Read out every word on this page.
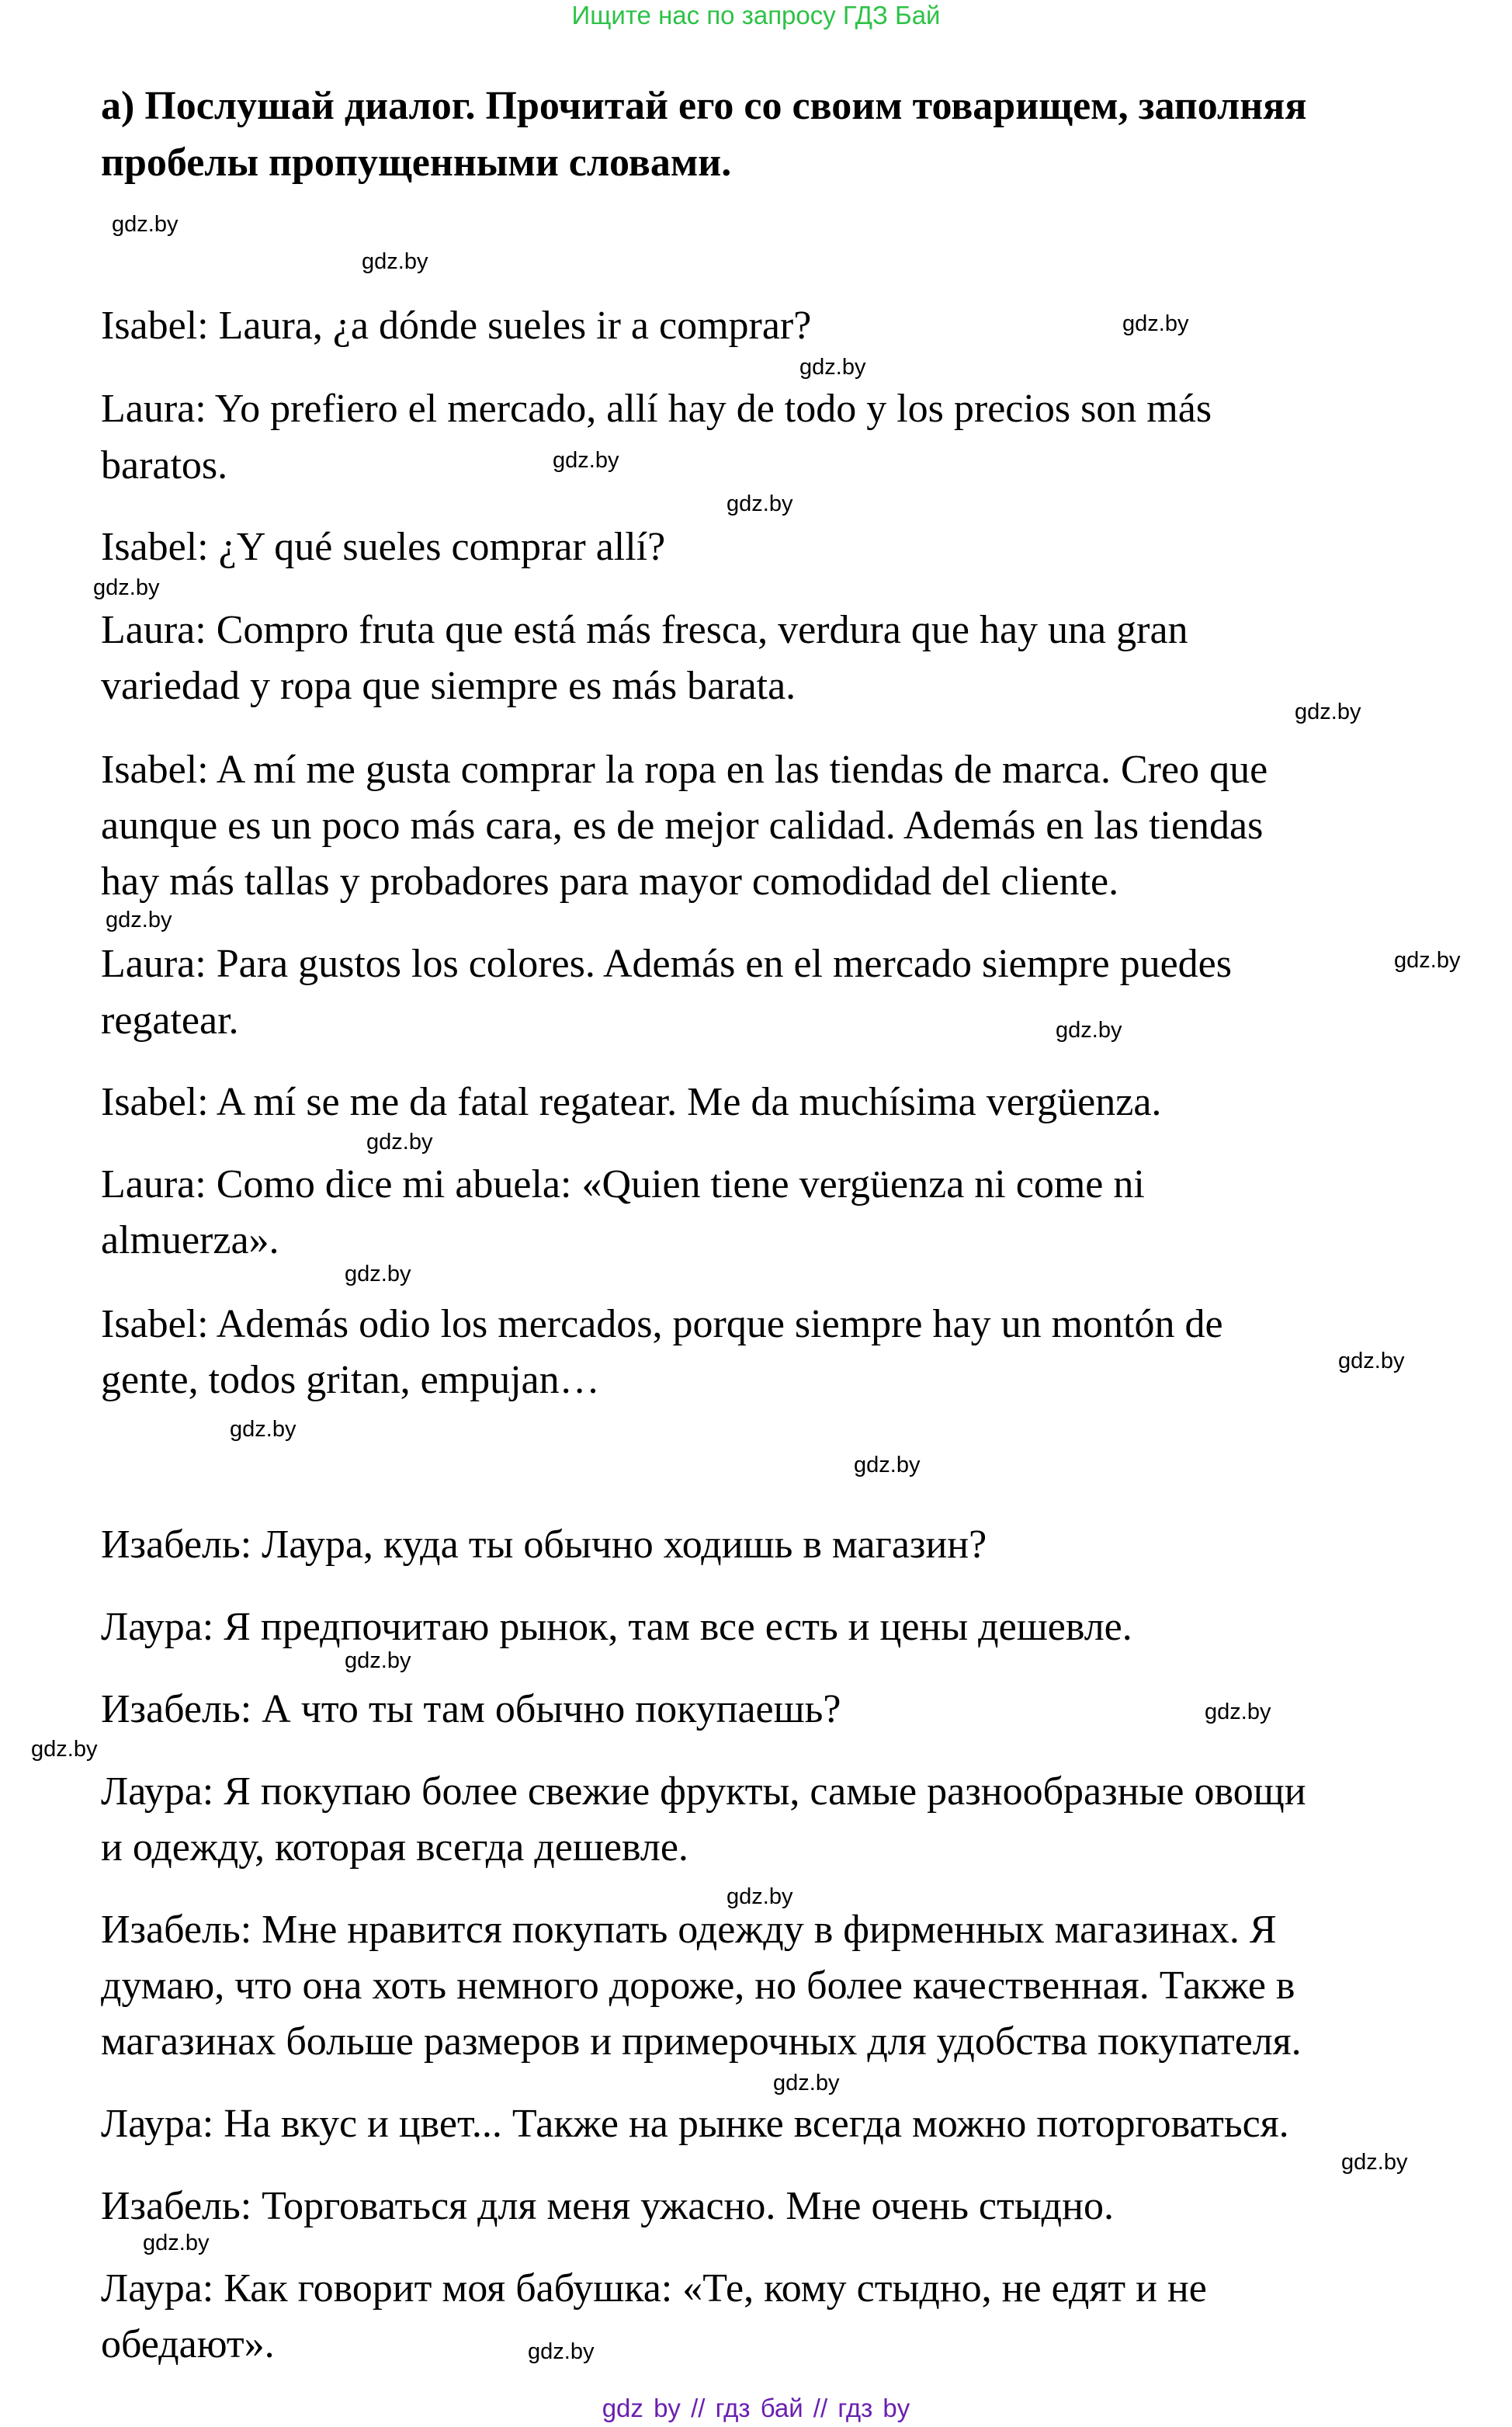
Ищите нас по запросу ГДЗ Бай
а) Послушай диалог. Прочитай его со своим товарищем, заполняя
пробелы пропущенными словами.
Isabel: Laura, ¿a dónde sueles ir a comprar?
Laura: Yo prefiero el mercado, allí hay de todo y los precios son más
baratos.
Isabel: ¿Y qué sueles comprar allí?
Laura: Compro fruta que está más fresca, verdura que hay una gran
variedad y ropa que siempre es más barata.
Isabel: A mí me gusta comprar la ropa en las tiendas de marca. Creo que
aunque es un poco más cara, es de mejor calidad. Además en las tiendas
hay más tallas y probadores para mayor comodidad del cliente.
Laura: Para gustos los colores. Además en el mercado siempre puedes
regatear.
Isabel: A mí se me da fatal regatear. Me da muchísima vergüenza.
Laura: Como dice mi abuela: «Quien tiene vergüenza ni come ni
almuerza».
Isabel: Además odio los mercados, porque siempre hay un montón de
gente, todos gritan, empujan…
Изабель: Лаура, куда ты обычно ходишь в магазин?
Лаура: Я предпочитаю рынок, там все есть и цены дешевле.
Изабель: А что ты там обычно покупаешь?
Лаура: Я покупаю более свежие фрукты, самые разнообразные овощи
и одежду, которая всегда дешевле.
Изабель: Мне нравится покупать одежду в фирменных магазинах. Я
думаю, что она хоть немного дороже, но более качественная. Также в
магазинах больше размеров и примерочных для удобства покупателя.
Лаура: На вкус и цвет... Также на рынке всегда можно поторговаться.
Изабель: Торговаться для меня ужасно. Мне очень стыдно.
Лаура: Как говорит моя бабушка: «Те, кому стыдно, не едят и не
обедают».
gdz.by
gdz.by
gdz.by
gdz.by
gdz.by
gdz.by
gdz.by
gdz.by
gdz.by
gdz.by
gdz.by
gdz.by
gdz.by
gdz.by
gdz.by
gdz.by
gdz.by
gdz.by
gdz.by
gdz.by
gdz.by
gdz.by
gdz.by
gdz.by
gdz by // гдз бай // гдз by
